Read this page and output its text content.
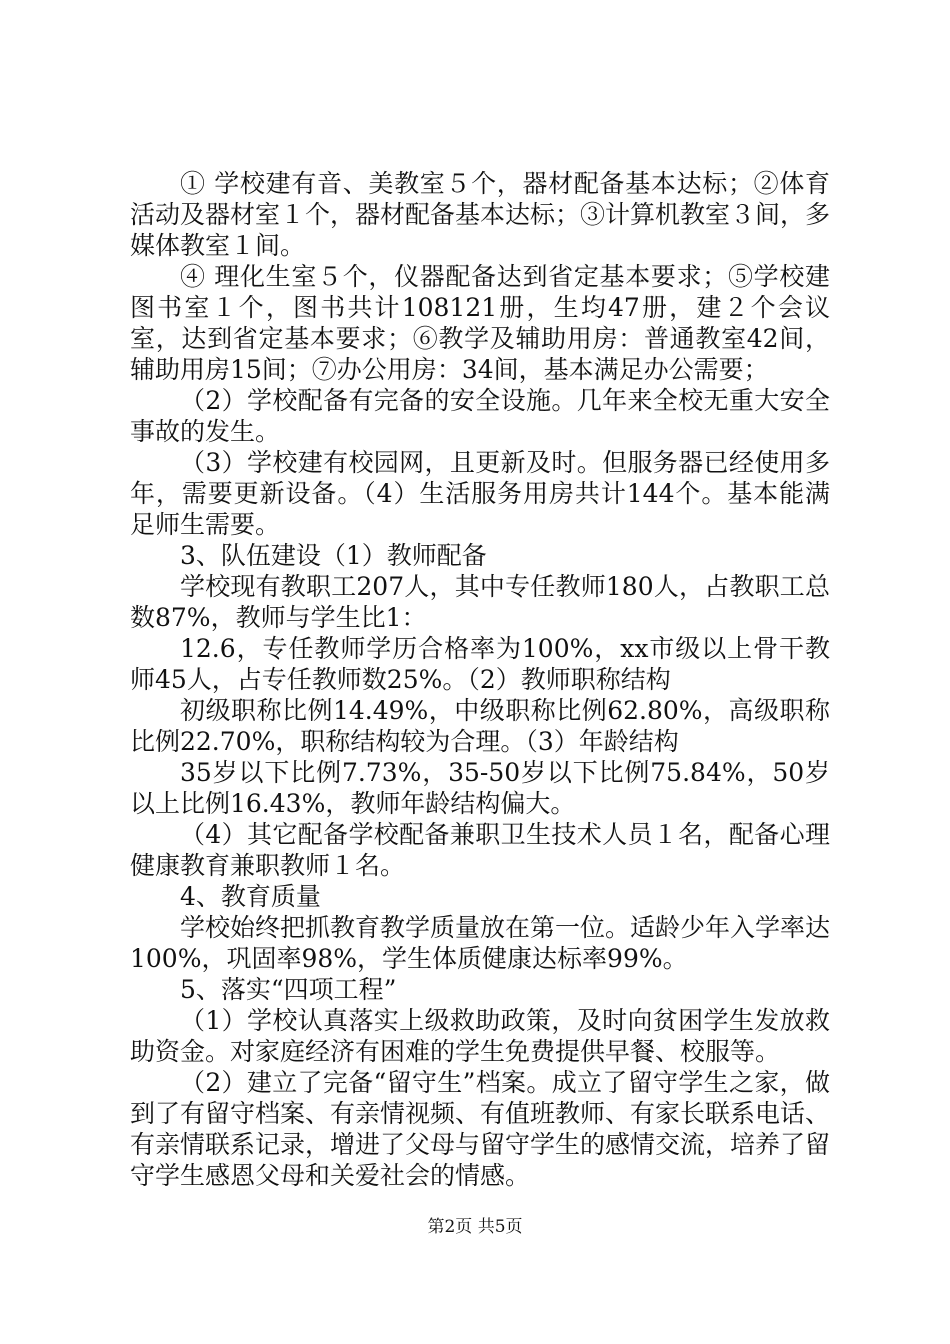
① 学校建有音、美教室５个，器材配备基本达标；②体育活动及器材室１个，器材配备基本达标；③计算机教室３间，多媒体教室１间。

④ 理化生室５个，仪器配备达到省定基本要求；⑤学校建图书室１个，图书共计108121册，生均47册，建２个会议室，达到省定基本要求；⑥教学及辅助用房：普通教室42间，辅助用房15间；⑦办公用房：34间，基本满足办公需要；

（2）学校配备有完备的安全设施。几年来全校无重大安全事故的发生。

（3）学校建有校园网，且更新及时。但服务器已经使用多年，需要更新设备。（4）生活服务用房共计144个。基本能满足师生需要。

3、队伍建设（1）教师配备

学校现有教职工207人，其中专任教师180人，占教职工总数87%，教师与学生比1：

12.6，专任教师学历合格率为100%，xx市级以上骨干教师45人，占专任教师数25%。（2）教师职称结构

初级职称比例14.49%，中级职称比例62.80%，高级职称比例22.70%，职称结构较为合理。（3）年龄结构

35岁以下比例7.73%，35-50岁以下比例75.84%，50岁以上比例16.43%，教师年龄结构偏大。

（4）其它配备学校配备兼职卫生技术人员１名，配备心理健康教育兼职教师１名。

4、教育质量

学校始终把抓教育教学质量放在第一位。适龄少年入学率达100%，巩固率98%，学生体质健康达标率99%。

5、落实“四项工程”

（1）学校认真落实上级救助政策，及时向贫困学生发放救助资金。对家庭经济有困难的学生免费提供早餐、校服等。

（2）建立了完备“留守生”档案。成立了留守学生之家，做到了有留守档案、有亲情视频、有值班教师、有家长联系电话、有亲情联系记录，增进了父母与留守学生的感情交流，培养了留守学生感恩父母和关爱社会的情感。

第2页 共5页
